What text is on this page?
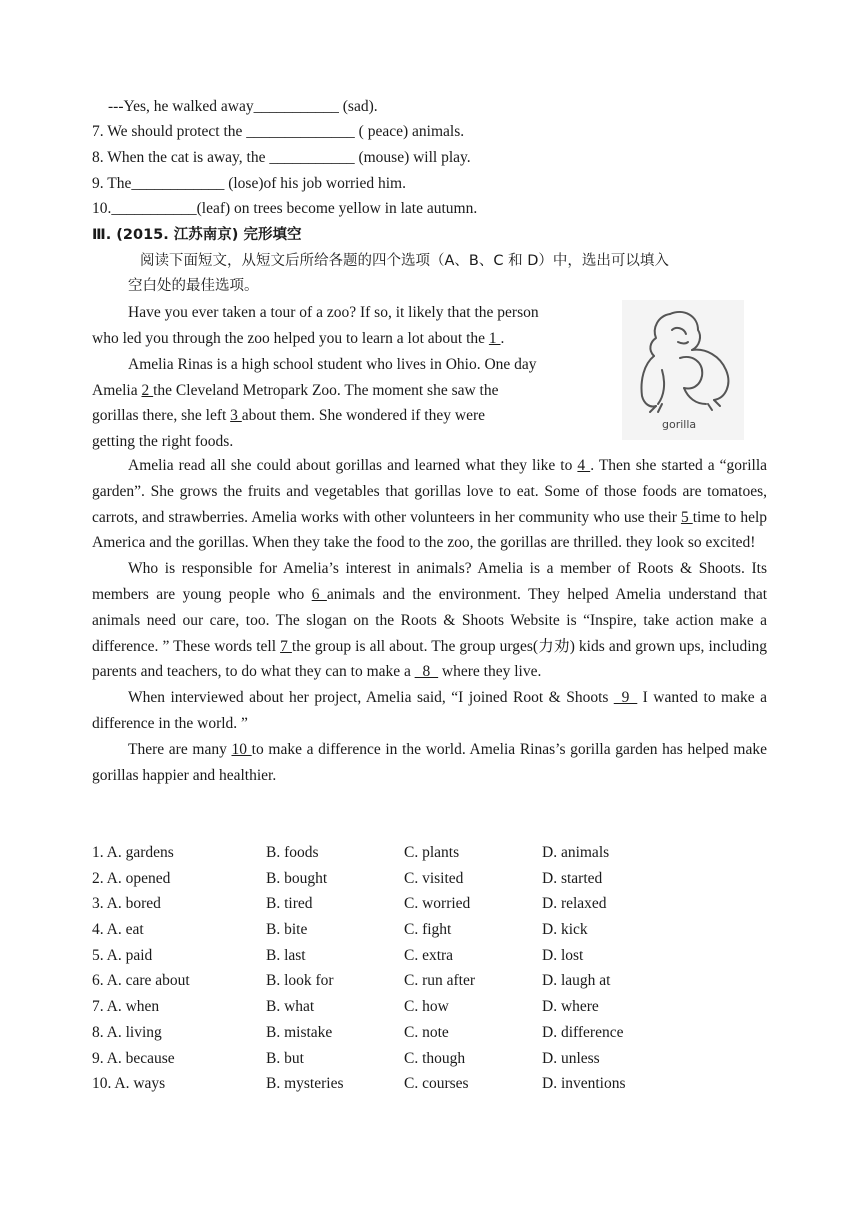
---Yes, he walked away___________ (sad).
7. We should protect the ______________ ( peace) animals.
8. When the cat is away, the ___________ (mouse) will play.
9. The____________ (lose)of his job worried him.
10.___________(leaf) on trees become yellow in late autumn.
Ⅲ. (2015. 江苏南京) 完形填空
阅读下面短文，从短文后所给各题的四个选项（A、B、C 和 D）中，选出可以填入
空白处的最佳选项。
gorilla
Have you ever taken a tour of a zoo? If so, it likely that the person
who led you through the zoo helped you to learn a lot about the 1 .
Amelia Rinas is a high school student who lives in Ohio. One day
Amelia 2 the Cleveland Metropark Zoo. The moment she saw the
gorillas there, she left 3 about them. She wondered if they were
getting the right foods.

Amelia read all she could about gorillas and learned what they like to 4 . Then she started a “gorilla garden”. She grows the fruits and vegetables that gorillas love to eat. Some of those foods are tomatoes, carrots, and strawberries. Amelia works with other volunteers in her community who use their 5 time to help America and the gorillas. When they take the food to the zoo, the gorillas are thrilled. they look so excited!

Who is responsible for Amelia’s interest in animals? Amelia is a member of Roots & Shoots. Its members are young people who 6 animals and the environment. They helped Amelia understand that animals need our care, too. The slogan on the Roots & Shoots Website is “Inspire, take action make a difference. ” These words tell 7 the group is all about. The group urges(力劝) kids and grown ups, including parents and teachers, to do what they can to make a _8_ where they live.

When interviewed about her project, Amelia said, “I joined Root & Shoots _9_ I wanted to make a difference in the world. ”

There are many 10 to make a difference in the world. Amelia Rinas’s gorilla garden has helped make gorillas happier and healthier.

1. A. gardens	B. foods	C. plants	D. animals
2. A. opened	B. bought	C. visited	D. started
3. A. bored	B. tired	C. worried	D. relaxed
4. A. eat	B. bite	C. fight	D. kick
5. A. paid	B. last	C. extra	D. lost
6. A. care about	B. look for	C. run after	D. laugh at
7. A. when	B. what	C. how	D. where
8. A. living	B. mistake	C. note	D. difference
9. A. because	B. but	C. though	D. unless
10. A. ways	B. mysteries	C. courses	D. inventions
